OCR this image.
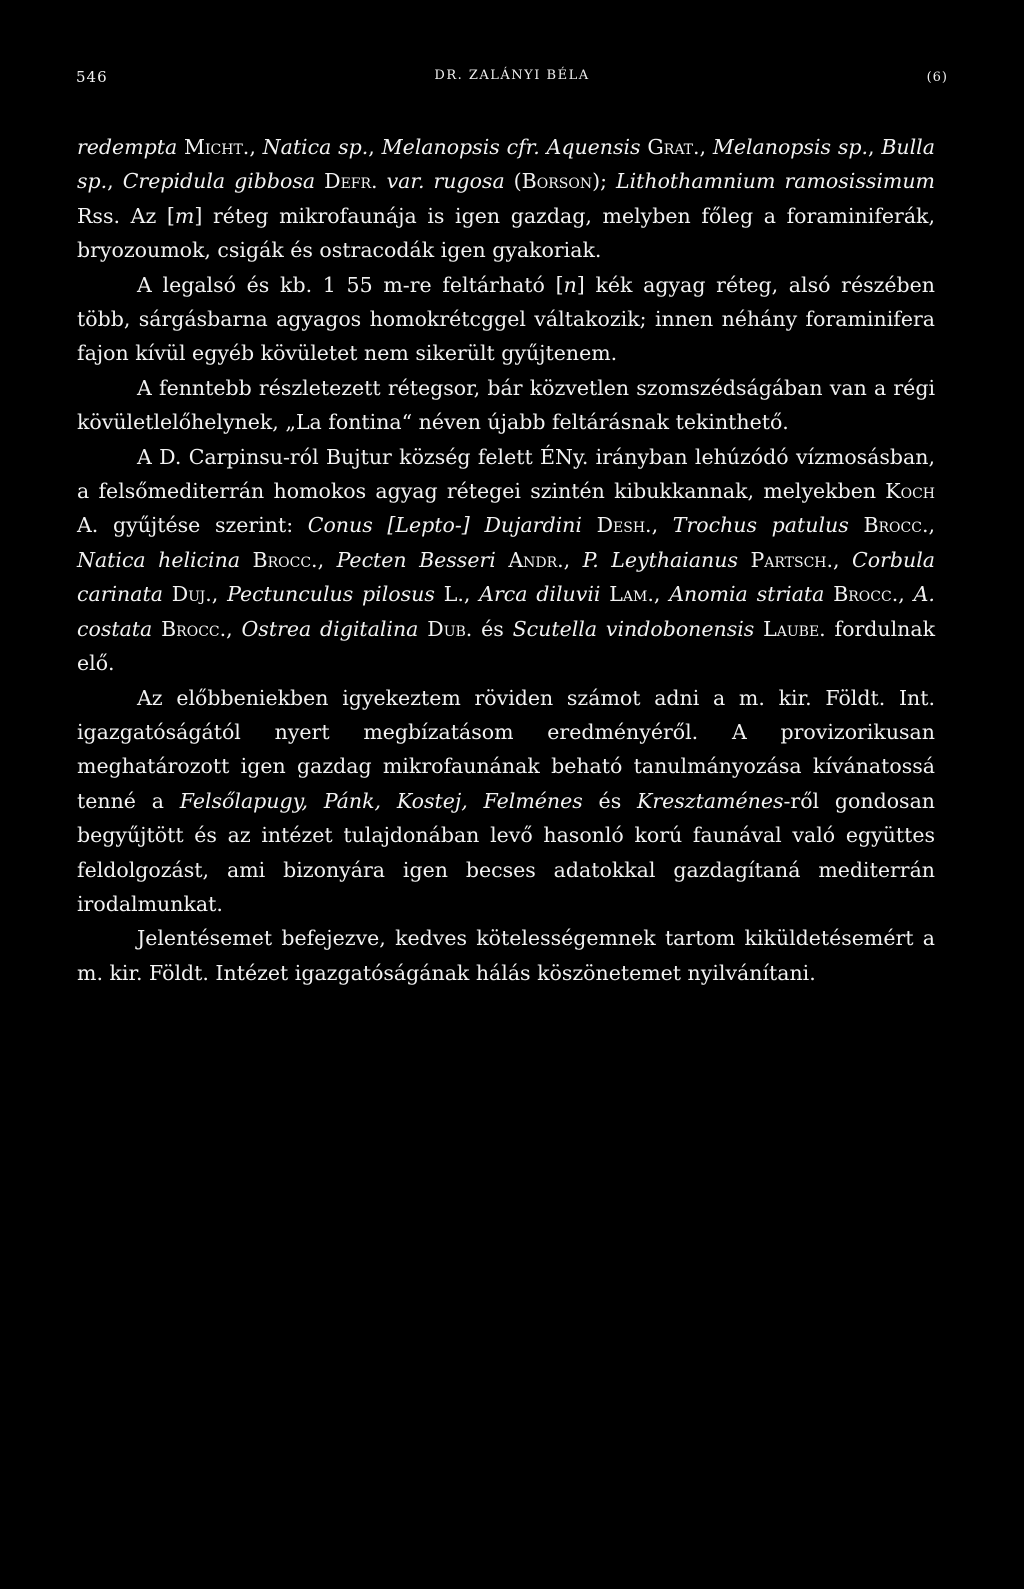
546	DR. ZALÁNYI BÉLA	(6)

redempta Micht., Natica sp., Melanopsis cfr. Aquensis Grat., Melanopsis sp., Bulla sp., Crepidula gibbosa Defr. var. rugosa (Borson); Lithothamnium ramosissimum Rss. Az [m] réteg mikrofaunája is igen gazdag, melyben főleg a foraminiferák, bryozoumok, csigák és ostracodák igen gyakoriak.

A legalsó és kb. 1 55 m-re feltárható [n] kék agyag réteg, alsó részében több, sárgásbarna agyagos homokrétcggel váltakozik; innen néhány foraminifera fajon kívül egyéb kövületet nem sikerült gyűjtenem.

A fenntebb részletezett rétegsor, bár közvetlen szomszédságában van a régi kövületlelőhelynek, „La fontina“ néven újabb feltárásnak tekinthető.

A D. Carpinsu-ról Bujtur község felett ÉNy. irányban lehúzódó vízmosásban, a felsőmediterrán homokos agyag rétegei szintén kibukkannak, melyekben Koch A. gyűjtése szerint: Conus [Lepto-] Dujardini Desh., Trochus patulus Brocc., Natica helicina Brocc., Pecten Besseri Andr., P. Leythaianus Partsch., Corbula carinata Duj., Pectunculus pilosus L., Arca diluvii Lam., Anomia striata Brocc., A. costata Brocc., Ostrea digitalina Dub. és Scutella vindobonensis Laube. fordulnak elő.

Az előbbeniekben igyekeztem röviden számot adni a m. kir. Földt. Int. igazgatóságától nyert megbízatásom eredményéről. A provizorikusan meghatározott igen gazdag mikrofaunának beható tanulmányozása kívánatossá tenné a Felsőlapugy, Pánk, Kostej, Felménes és Kresztaménes-ről gondosan begyűjtött és az intézet tulajdonában levő hasonló korú faunával való együttes feldolgozást, ami bizonyára igen becses adatokkal gazdagítaná mediterrán irodalmunkat.

Jelentésemet befejezve, kedves kötelességemnek tartom kiküldetésemért a m. kir. Földt. Intézet igazgatóságának hálás köszönetemet nyilvánítani.
